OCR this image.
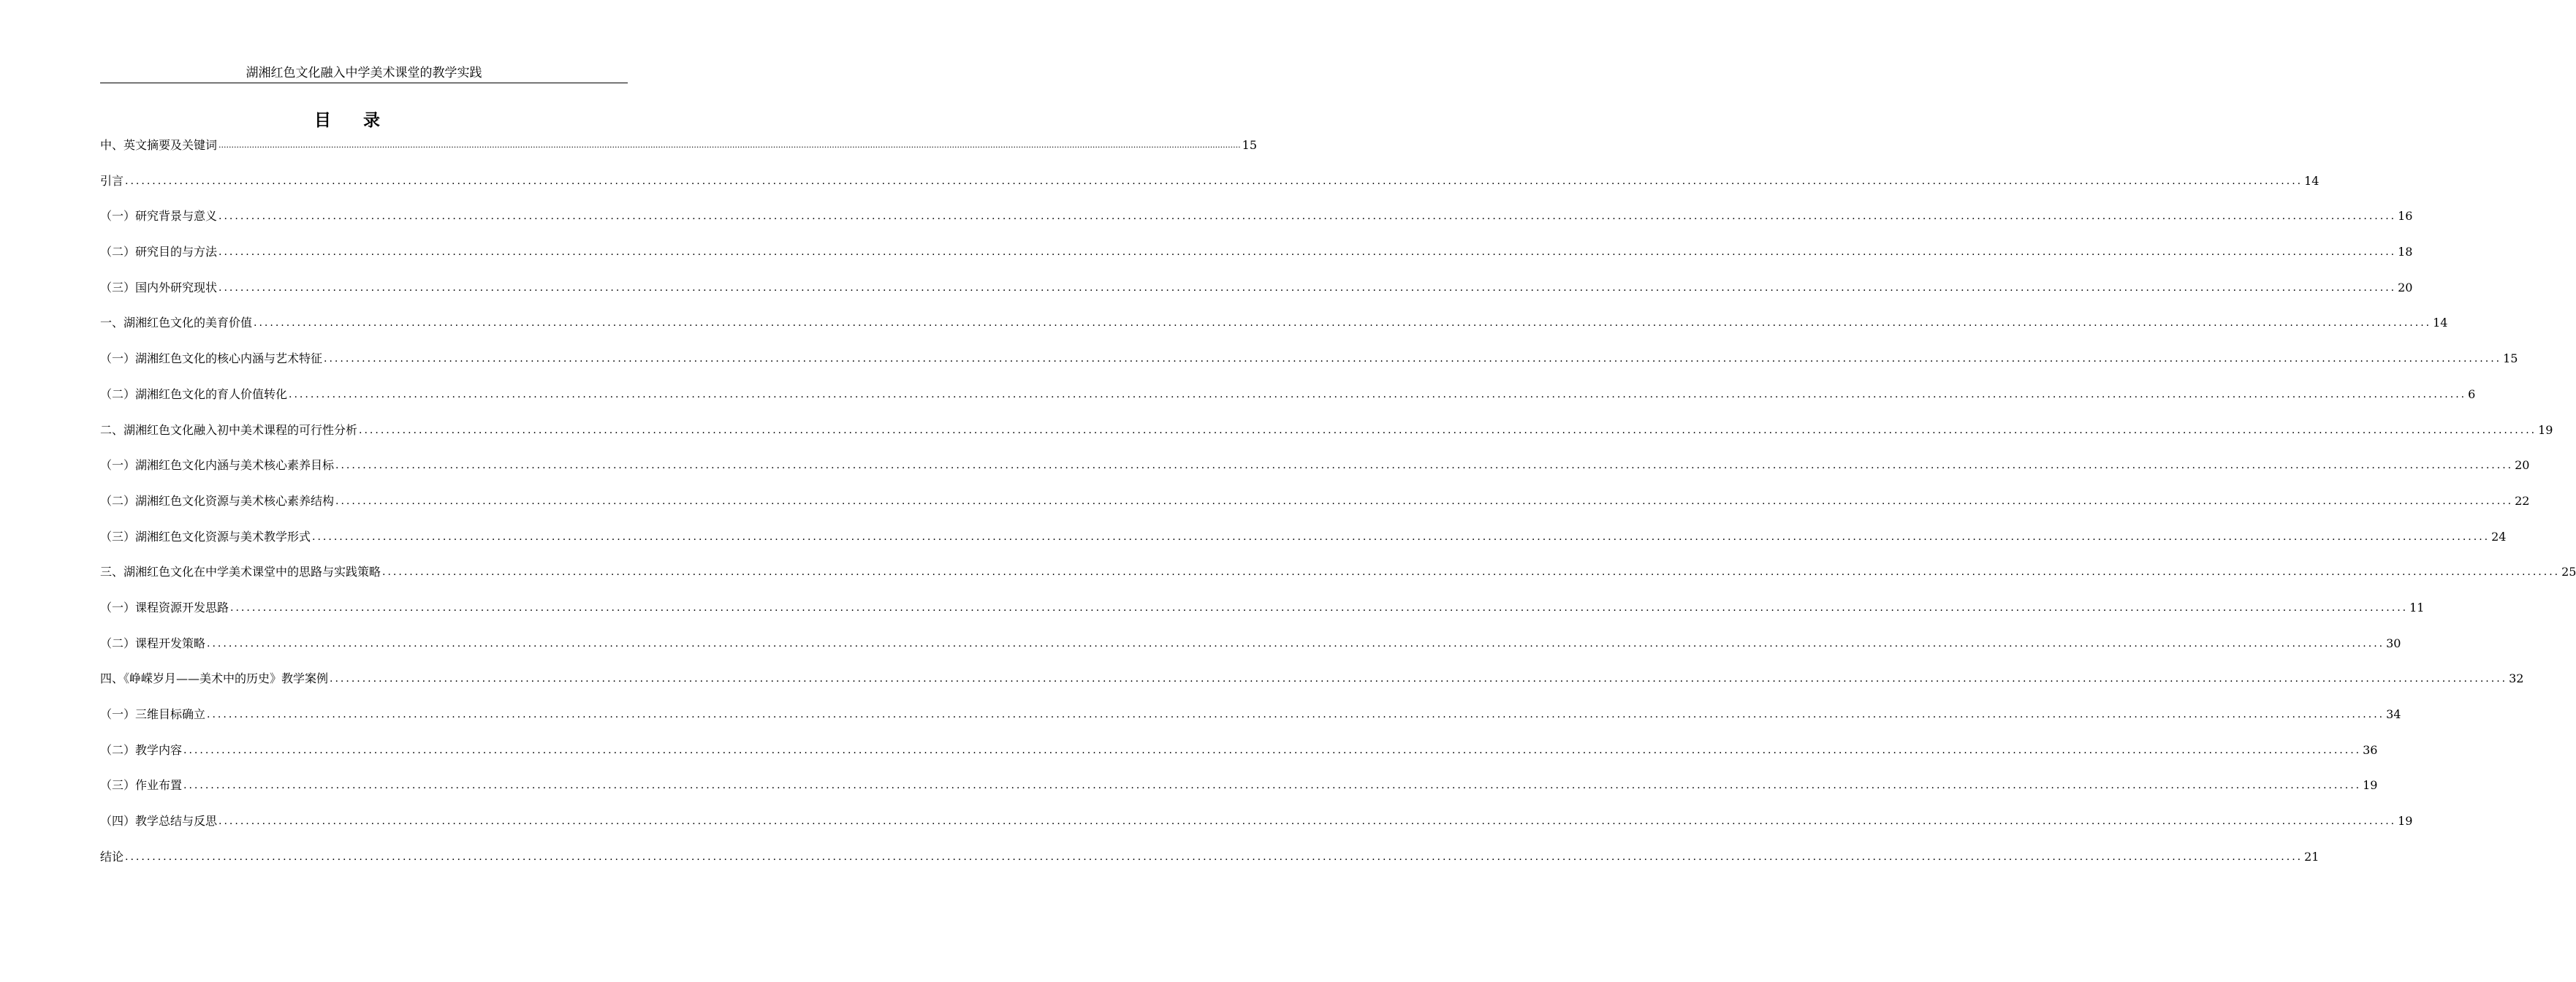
湖湘红色文化融入中学美术课堂的教学实践
目 录
中、英文摘要及关键词 ................................................................................................................................................................................................................................................................................................................................................................................................................ 15
引言 ................................................................................................................................................................................................................................................................................................................................................................................................................ 14
（一）研究背景与意义 ................................................................................................................................................................................................................................................................................................................................................................................................................ 16
（二）研究目的与方法 ................................................................................................................................................................................................................................................................................................................................................................................................................ 18
（三）国内外研究现状 ................................................................................................................................................................................................................................................................................................................................................................................................................ 20
一、湖湘红色文化的美育价值 ................................................................................................................................................................................................................................................................................................................................................................................................................ 14
（一）湖湘红色文化的核心内涵与艺术特征 ................................................................................................................................................................................................................................................................................................................................................................................................................ 15
（二）湖湘红色文化的育人价值转化 ................................................................................................................................................................................................................................................................................................................................................................................................................ 6
二、湖湘红色文化融入初中美术课程的可行性分析 ................................................................................................................................................................................................................................................................................................................................................................................................................ 19
（一）湖湘红色文化内涵与美术核心素养目标 ................................................................................................................................................................................................................................................................................................................................................................................................................ 20
（二）湖湘红色文化资源与美术核心素养结构 ................................................................................................................................................................................................................................................................................................................................................................................................................ 22
（三）湖湘红色文化资源与美术教学形式 ................................................................................................................................................................................................................................................................................................................................................................................................................ 24
三、湖湘红色文化在中学美术课堂中的思路与实践策略 ................................................................................................................................................................................................................................................................................................................................................................................................................ 25
（一）课程资源开发思路 ................................................................................................................................................................................................................................................................................................................................................................................................................ 11
（二）课程开发策略 ................................................................................................................................................................................................................................................................................................................................................................................................................ 30
四、《峥嵘岁月——美术中的历史》教学案例 ................................................................................................................................................................................................................................................................................................................................................................................................................ 32
（一）三维目标确立 ................................................................................................................................................................................................................................................................................................................................................................................................................ 34
（二）教学内容 ................................................................................................................................................................................................................................................................................................................................................................................................................ 36
（三）作业布置 ................................................................................................................................................................................................................................................................................................................................................................................................................ 19
（四）教学总结与反思 ................................................................................................................................................................................................................................................................................................................................................................................................................ 19
结论 ................................................................................................................................................................................................................................................................................................................................................................................................................ 21
